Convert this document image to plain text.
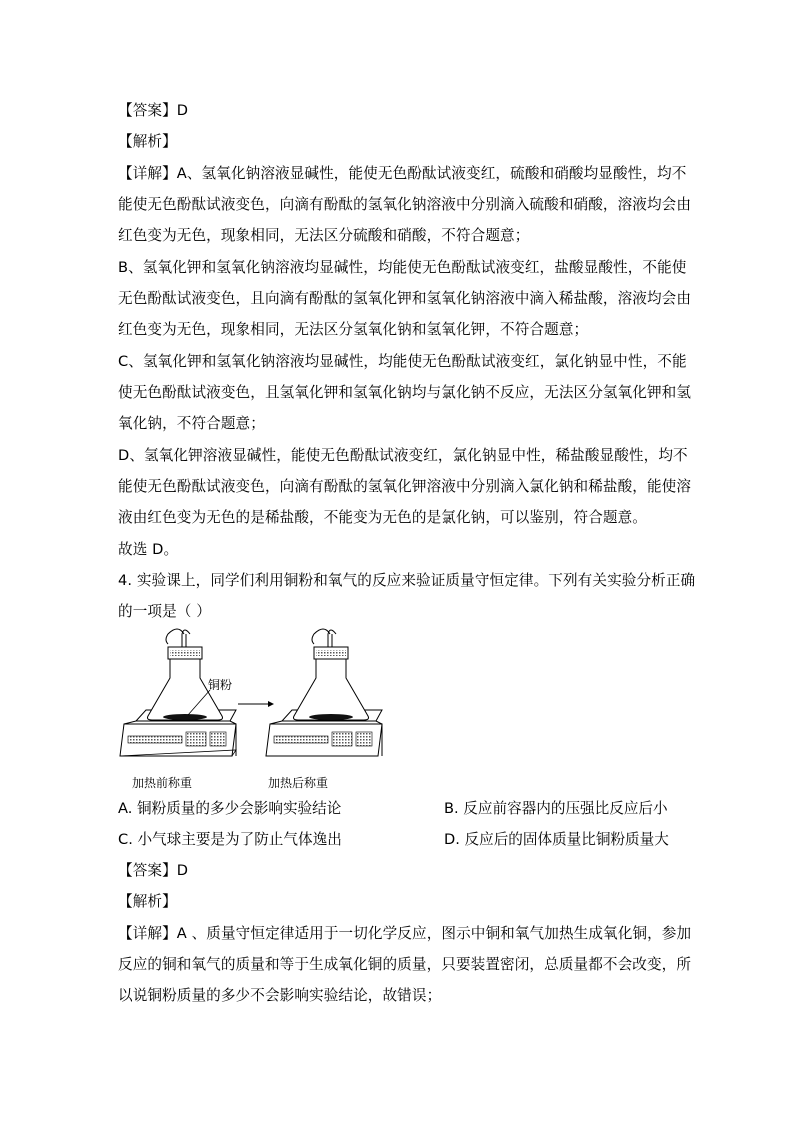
【答案】D
【解析】
【详解】A、氢氧化钠溶液显碱性，能使无色酚酞试液变红，硫酸和硝酸均显酸性，均不
能使无色酚酞试液变色，向滴有酚酞的氢氧化钠溶液中分别滴入硫酸和硝酸，溶液均会由
红色变为无色，现象相同，无法区分硫酸和硝酸，不符合题意；
B、氢氧化钾和氢氧化钠溶液均显碱性，均能使无色酚酞试液变红，盐酸显酸性，不能使
无色酚酞试液变色，且向滴有酚酞的氢氧化钾和氢氧化钠溶液中滴入稀盐酸，溶液均会由
红色变为无色，现象相同，无法区分氢氧化钠和氢氧化钾，不符合题意；
C、氢氧化钾和氢氧化钠溶液均显碱性，均能使无色酚酞试液变红，氯化钠显中性，不能
使无色酚酞试液变色，且氢氧化钾和氢氧化钠均与氯化钠不反应，无法区分氢氧化钾和氢
氧化钠，不符合题意；
D、氢氧化钾溶液显碱性，能使无色酚酞试液变红，氯化钠显中性，稀盐酸显酸性，均不
能使无色酚酞试液变色，向滴有酚酞的氢氧化钾溶液中分别滴入氯化钠和稀盐酸，能使溶
液由红色变为无色的是稀盐酸，不能变为无色的是氯化钠，可以鉴别，符合题意。
故选 D。
4. 实验课上，同学们利用铜粉和氧气的反应来验证质量守恒定律。下列有关实验分析正确
的一项是（ ）
铜粉
加热前称重	加热后称重
A. 铜粉质量的多少会影响实验结论	B. 反应前容器内的压强比反应后小
C. 小气球主要是为了防止气体逸出	D. 反应后的固体质量比铜粉质量大
【答案】D
【解析】
【详解】A 、质量守恒定律适用于一切化学反应，图示中铜和氧气加热生成氧化铜，参加
反应的铜和氧气的质量和等于生成氧化铜的质量，只要装置密闭，总质量都不会改变，所
以说铜粉质量的多少不会影响实验结论，故错误；
